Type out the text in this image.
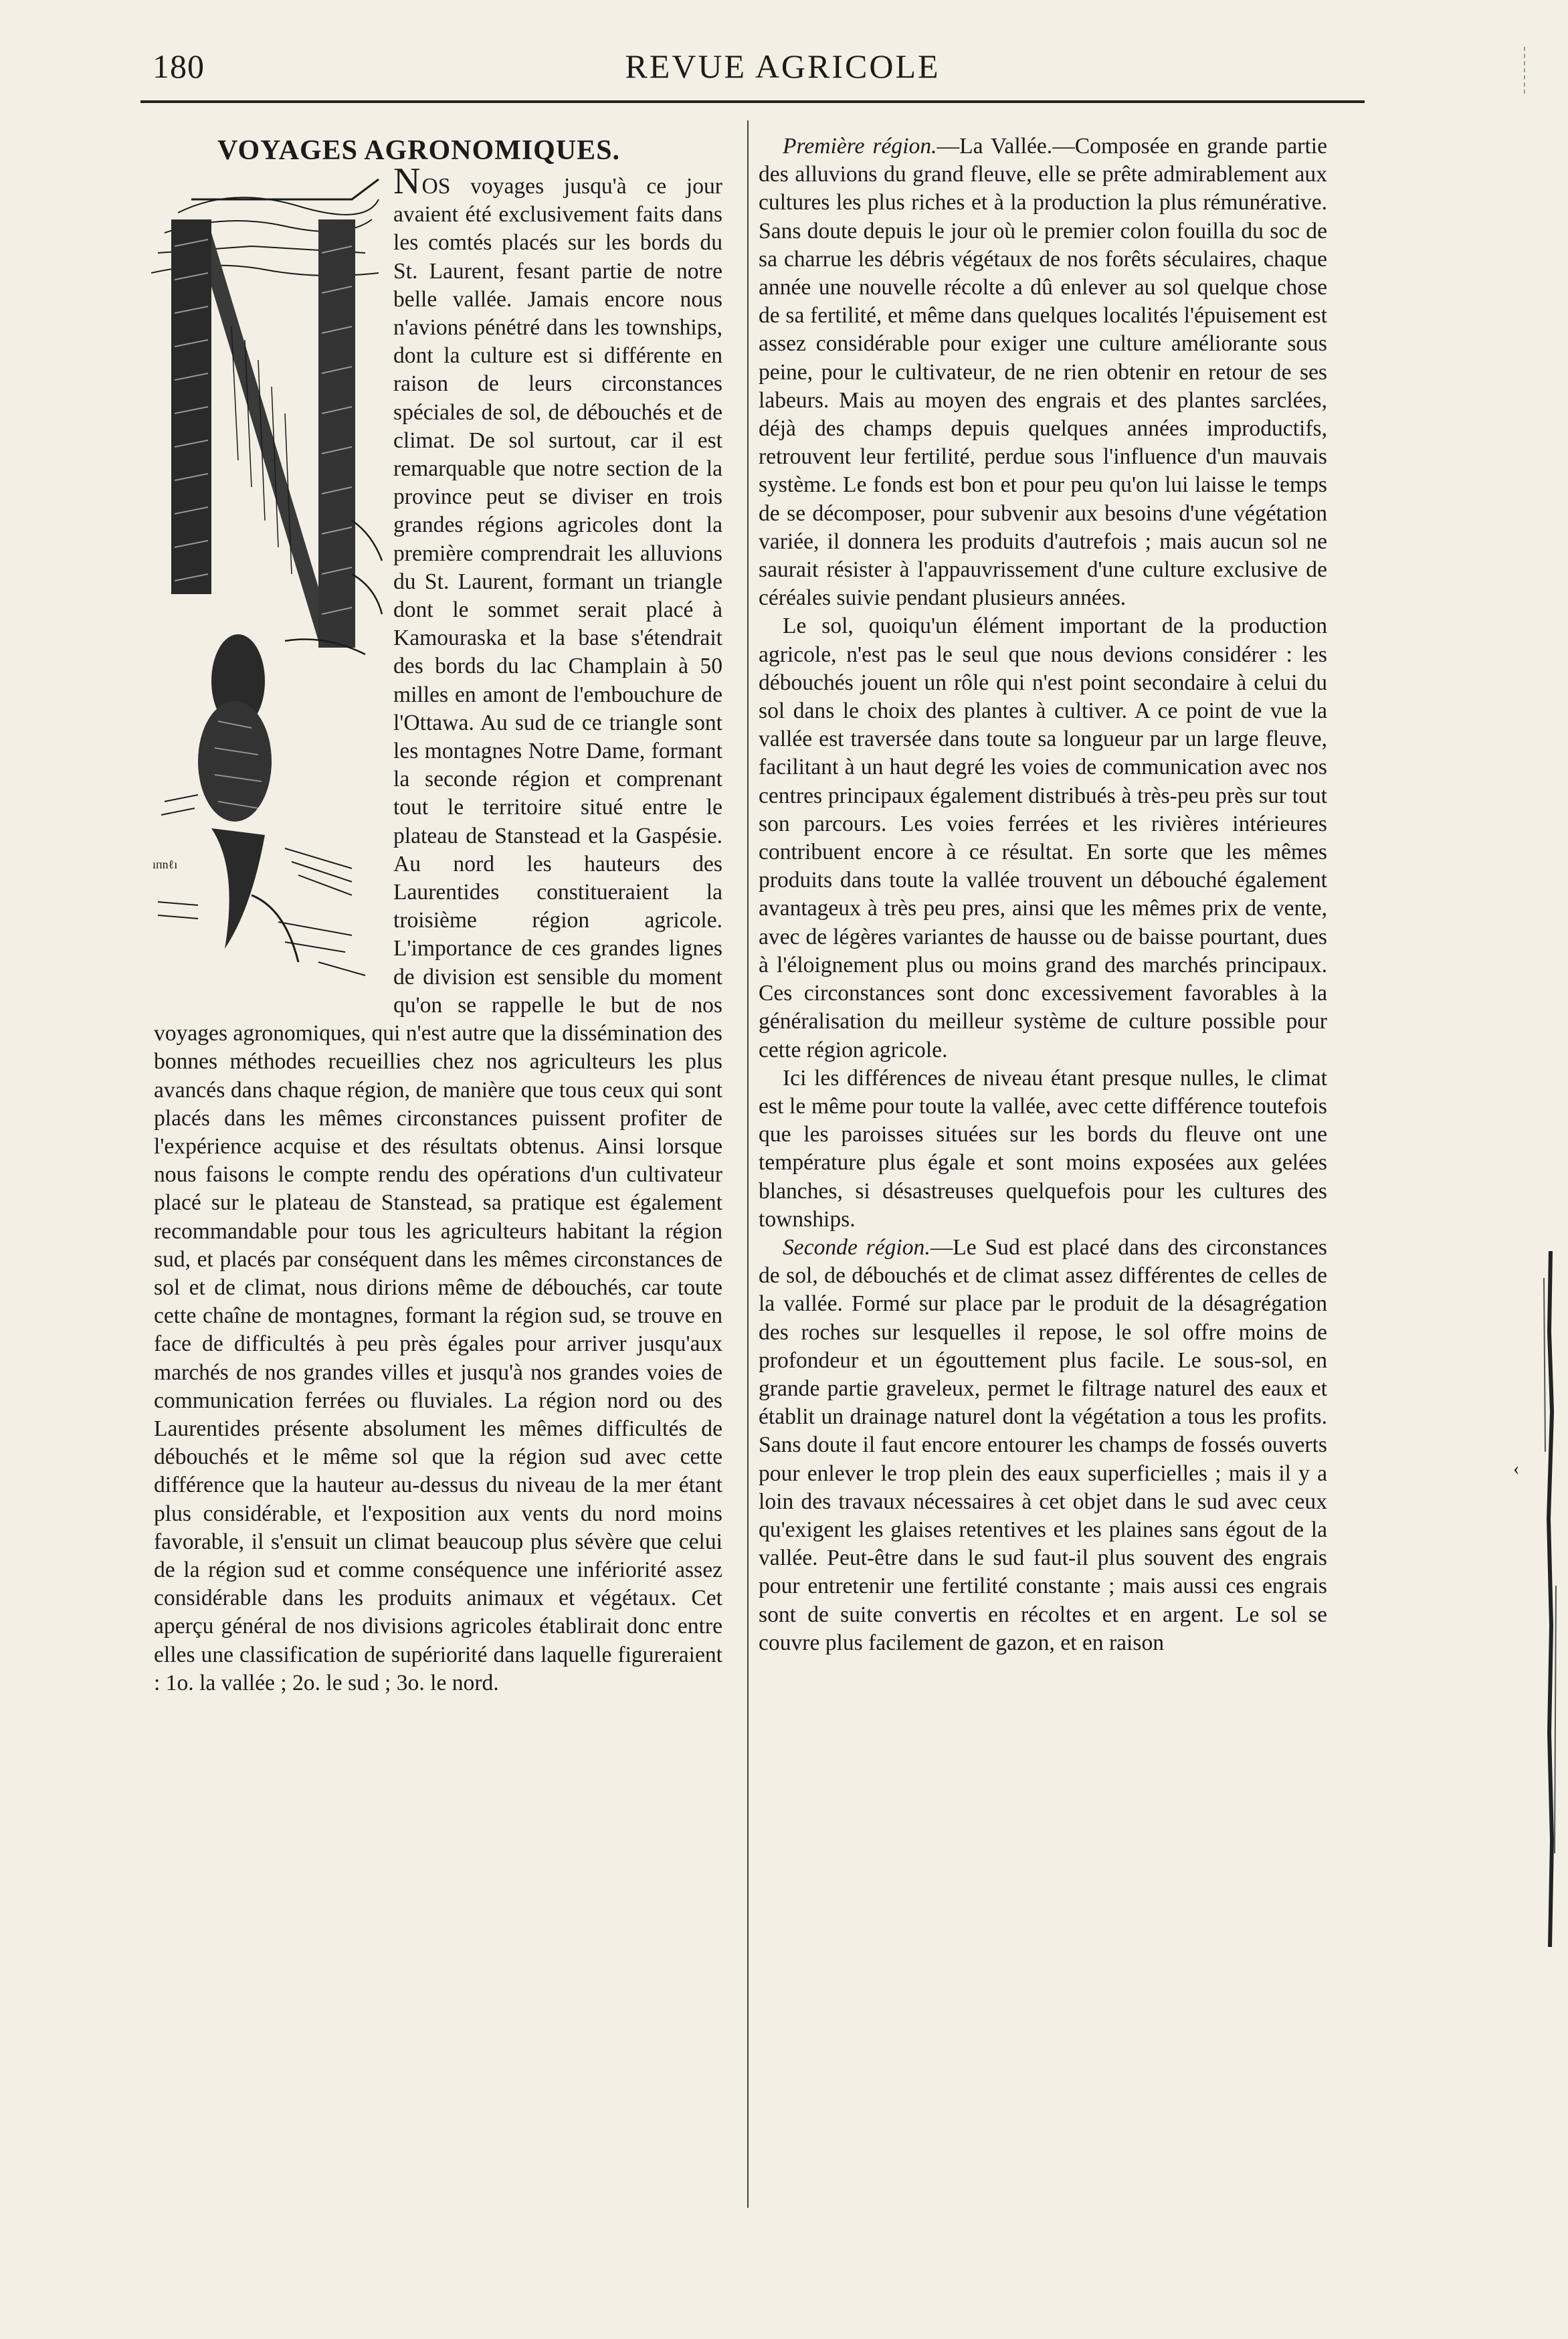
180	REVUE AGRICOLE
VOYAGES AGRONOMIQUES.
ıᴨnℓı

NOS voyages jusqu'à ce jour avaient été exclusivement faits dans les comtés placés sur les bords du St. Laurent, fesant partie de notre belle vallée. Jamais encore nous n'avions pénétré dans les townships, dont la culture est si différente en raison de leurs circonstances spéciales de sol, de débouchés et de climat. De sol surtout, car il est remarquable que notre section de la province peut se diviser en trois grandes régions agricoles dont la première comprendrait les alluvions du St. Laurent, formant un triangle dont le sommet serait placé à Kamouraska et la base s'étendrait des bords du lac Champlain à 50 milles en amont de l'embouchure de l'Ottawa. Au sud de ce triangle sont les montagnes Notre Dame, formant la seconde région et comprenant tout le territoire situé entre le plateau de Stanstead et la Gaspésie. Au nord les hauteurs des Laurentides constitueraient la troisième région agricole. L'importance de ces grandes lignes de division est sensible du moment qu'on se rappelle le but de nos voyages agronomiques, qui n'est autre que la dissémination des bonnes méthodes recueillies chez nos agriculteurs les plus avancés dans chaque région, de manière que tous ceux qui sont placés dans les mêmes circonstances puissent profiter de l'expérience acquise et des résultats obtenus. Ainsi lorsque nous faisons le compte rendu des opérations d'un cultivateur placé sur le plateau de Stanstead, sa pratique est également recommandable pour tous les agriculteurs habitant la région sud, et placés par conséquent dans les mêmes circonstances de sol et de climat, nous dirions même de débouchés, car toute cette chaîne de montagnes, formant la région sud, se trouve en face de difficultés à peu près égales pour arriver jusqu'aux marchés de nos grandes villes et jusqu'à nos grandes voies de communication ferrées ou fluviales. La région nord ou des Laurentides présente absolument les mêmes difficultés de débouchés et le même sol que la région sud avec cette différence que la hauteur au-dessus du niveau de la mer étant plus considérable, et l'exposition aux vents du nord moins favorable, il s'ensuit un climat beaucoup plus sévère que celui de la région sud et comme conséquence une infériorité assez considérable dans les produits animaux et végétaux. Cet aperçu général de nos divisions agricoles établirait donc entre elles une classification de supériorité dans laquelle figureraient : 1o. la vallée ; 2o. le sud ; 3o. le nord.

Première région.—La Vallée.—Composée en grande partie des alluvions du grand fleuve, elle se prête admirablement aux cultures les plus riches et à la production la plus rémunérative. Sans doute depuis le jour où le premier colon fouilla du soc de sa charrue les débris végétaux de nos forêts séculaires, chaque année une nouvelle récolte a dû enlever au sol quelque chose de sa fertilité, et même dans quelques localités l'épuisement est assez considérable pour exiger une culture améliorante sous peine, pour le cultivateur, de ne rien obtenir en retour de ses labeurs. Mais au moyen des engrais et des plantes sarclées, déjà des champs depuis quelques années improductifs, retrouvent leur fertilité, perdue sous l'influence d'un mauvais système. Le fonds est bon et pour peu qu'on lui laisse le temps de se décomposer, pour subvenir aux besoins d'une végétation variée, il donnera les produits d'autrefois ; mais aucun sol ne saurait résister à l'appauvrissement d'une culture exclusive de céréales suivie pendant plusieurs années.

Le sol, quoiqu'un élément important de la production agricole, n'est pas le seul que nous devions considérer : les débouchés jouent un rôle qui n'est point secondaire à celui du sol dans le choix des plantes à cultiver. A ce point de vue la vallée est traversée dans toute sa longueur par un large fleuve, facilitant à un haut degré les voies de communication avec nos centres principaux également distribués à très-peu près sur tout son parcours. Les voies ferrées et les rivières intérieures contribuent encore à ce résultat. En sorte que les mêmes produits dans toute la vallée trouvent un débouché également avantageux à très peu pres, ainsi que les mêmes prix de vente, avec de légères variantes de hausse ou de baisse pourtant, dues à l'éloignement plus ou moins grand des marchés principaux. Ces circonstances sont donc excessivement favorables à la généralisation du meilleur système de culture possible pour cette région agricole.

Ici les différences de niveau étant presque nulles, le climat est le même pour toute la vallée, avec cette différence toutefois que les paroisses situées sur les bords du fleuve ont une température plus égale et sont moins exposées aux gelées blanches, si désastreuses quelquefois pour les cultures des townships.

Seconde région.—Le Sud est placé dans des circonstances de sol, de débouchés et de climat assez différentes de celles de la vallée. Formé sur place par le produit de la désagrégation des roches sur lesquelles il repose, le sol offre moins de profondeur et un égouttement plus facile. Le sous-sol, en grande partie graveleux, permet le filtrage naturel des eaux et établit un drainage naturel dont la végétation a tous les profits. Sans doute il faut encore entourer les champs de fossés ouverts pour enlever le trop plein des eaux superficielles ; mais il y a loin des travaux nécessaires à cet objet dans le sud avec ceux qu'exigent les glaises retentives et les plaines sans égout de la vallée. Peut-être dans le sud faut-il plus souvent des engrais pour entretenir une fertilité constante ; mais aussi ces engrais sont de suite convertis en récoltes et en argent. Le sol se couvre plus facilement de gazon, et en raison

‹
